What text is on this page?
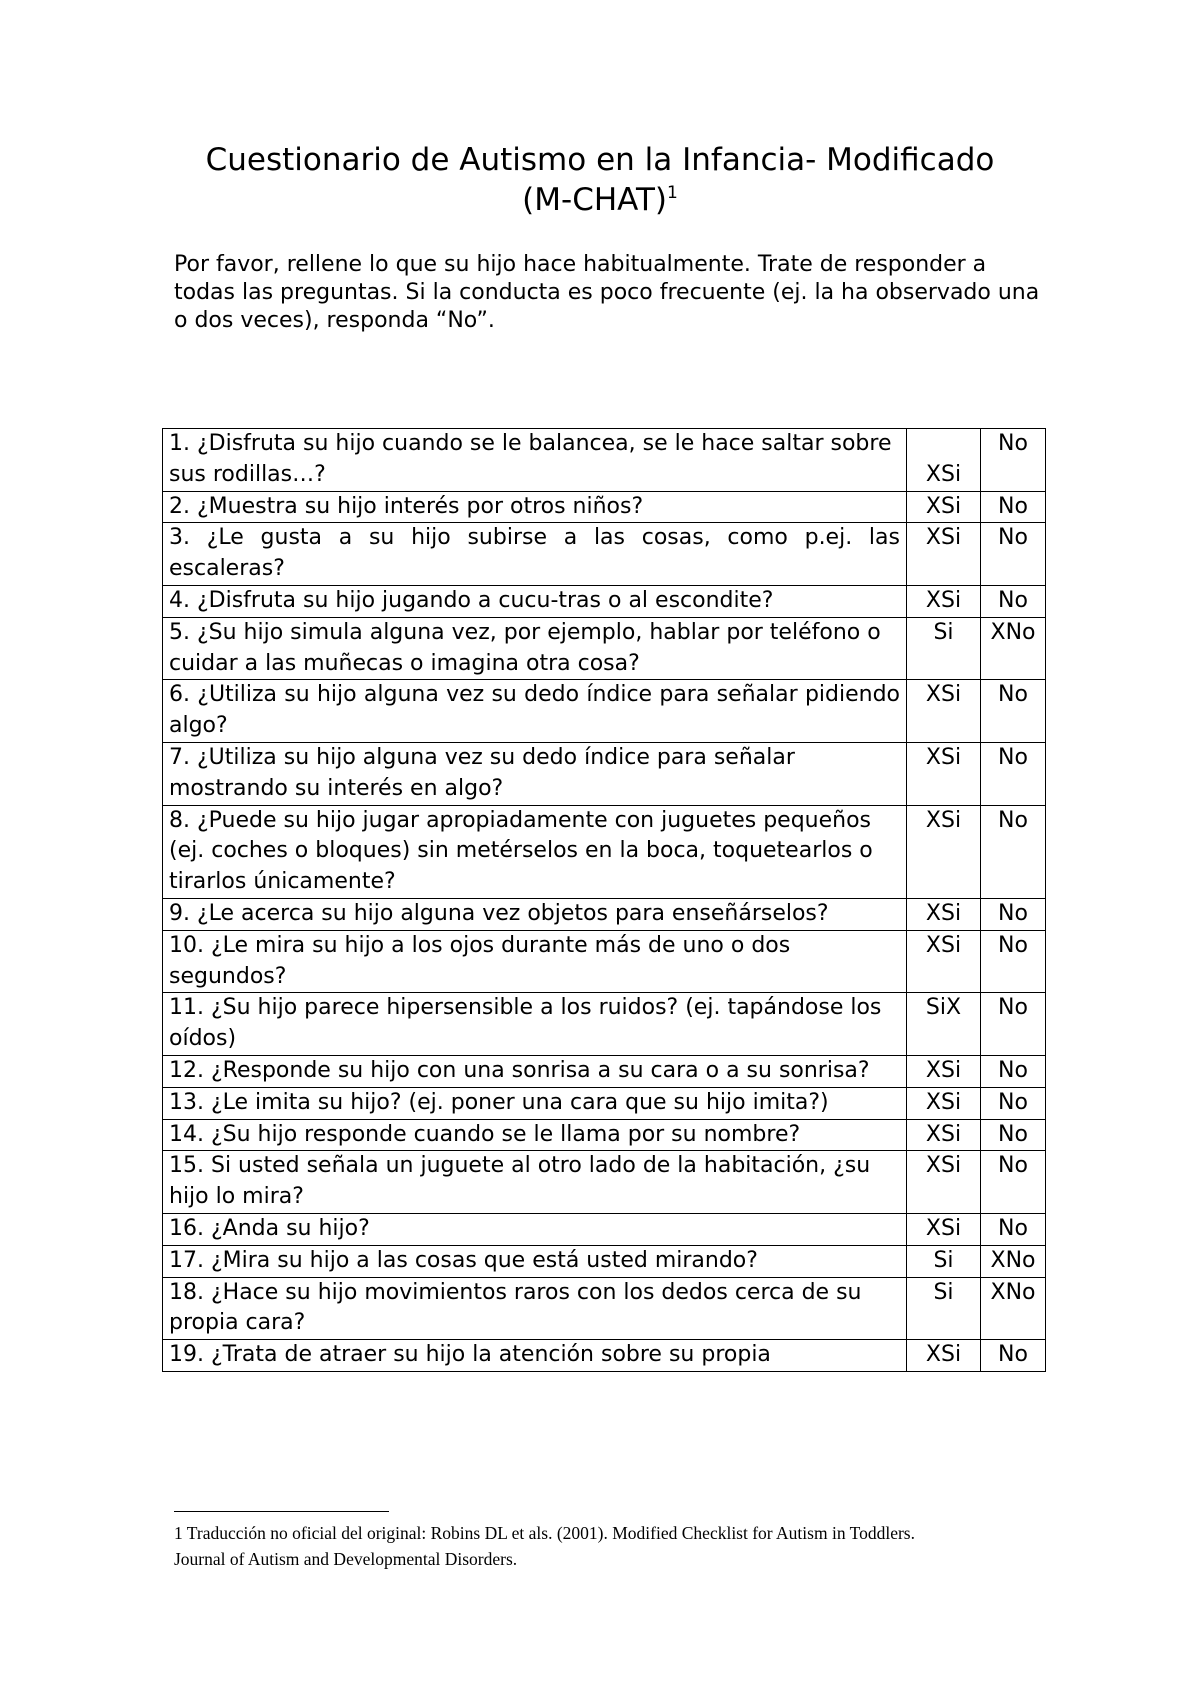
Cuestionario de Autismo en la Infancia- Modificado
(M-CHAT)$^1$

Por favor, rellene lo que su hijo hace habitualmente. Trate de responder a todas las preguntas. Si la conducta es poco frecuente (ej. la ha observado una o dos veces), responda “No”.

1. ¿Disfruta su hijo cuando se le balancea, se le hace saltar sobre sus rodillas…?	XSi	No
2. ¿Muestra su hijo interés por otros niños?	XSi	No
3. ¿Le gusta a su hijo subirse a las cosas, como p.ej. las escaleras?	XSi	No
4. ¿Disfruta su hijo jugando a cucu-tras o al escondite?	XSi	No
5. ¿Su hijo simula alguna vez, por ejemplo, hablar por teléfono o cuidar a las muñecas o imagina otra cosa?	Si	XNo
6. ¿Utiliza su hijo alguna vez su dedo índice para señalar pidiendo algo?	XSi	No
7. ¿Utiliza su hijo alguna vez su dedo índice para señalar mostrando su interés en algo?	XSi	No
8. ¿Puede su hijo jugar apropiadamente con juguetes pequeños (ej. coches o bloques) sin metérselos en la boca, toquetearlos o tirarlos únicamente?	XSi	No
9. ¿Le acerca su hijo alguna vez objetos para enseñárselos?	XSi	No
10. ¿Le mira su hijo a los ojos durante más de uno o dos segundos?	XSi	No
11. ¿Su hijo parece hipersensible a los ruidos? (ej. tapándose los oídos)	SiX	No
12. ¿Responde su hijo con una sonrisa a su cara o a su sonrisa?	XSi	No
13. ¿Le imita su hijo? (ej. poner una cara que su hijo imita?)	XSi	No
14. ¿Su hijo responde cuando se le llama por su nombre?	XSi	No
15. Si usted señala un juguete al otro lado de la habitación, ¿su hijo lo mira?	XSi	No
16. ¿Anda su hijo?	XSi	No
17. ¿Mira su hijo a las cosas que está usted mirando?	Si	XNo
18. ¿Hace su hijo movimientos raros con los dedos cerca de su propia cara?	Si	XNo
19. ¿Trata de atraer su hijo la atención sobre su propia	XSi	No

1 Traducción no oficial del original: Robins DL et als. (2001). Modified Checklist for Autism in Toddlers.

Journal of Autism and Developmental Disorders.
